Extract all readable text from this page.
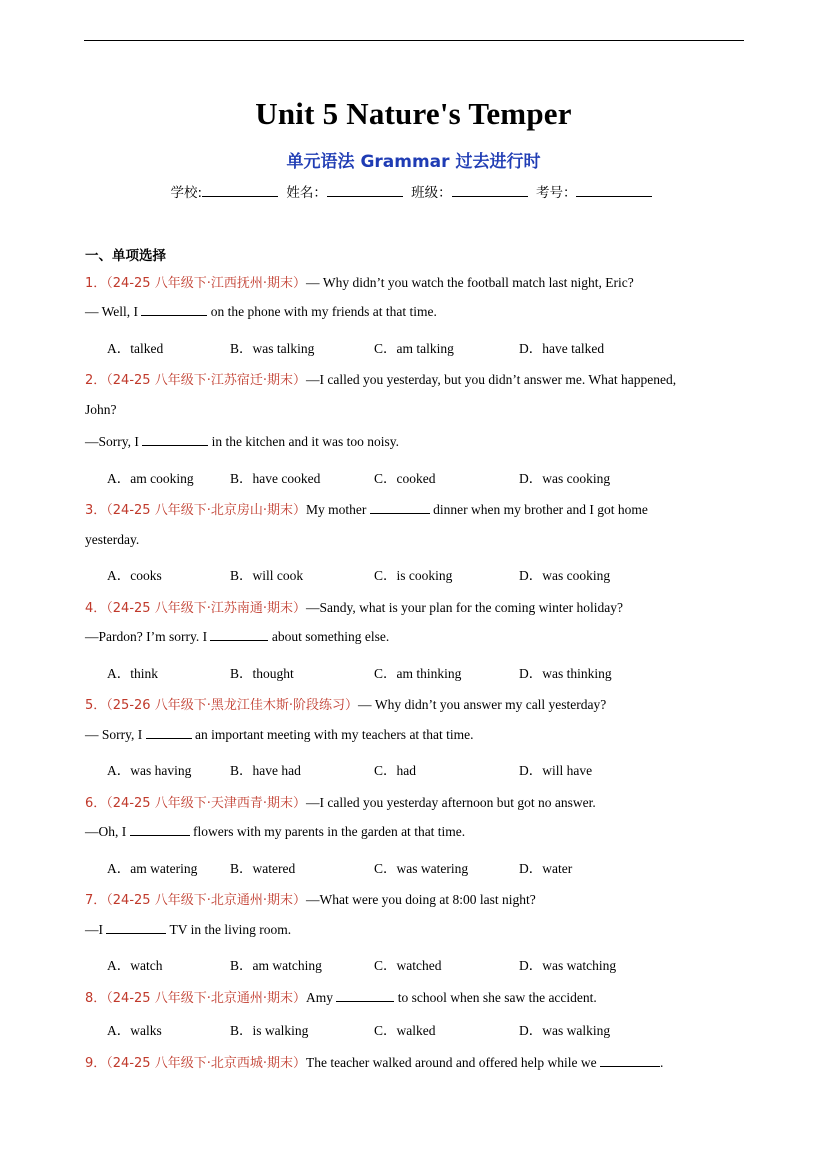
Unit 5 Nature's Temper
单元语法 Grammar 过去进行时
学校:	姓名：	班级：	考号：
一、单项选择
1．（24-25 八年级下·江西抚州·期末）— Why didn’t you watch the football match last night, Eric?
— Well, I	on the phone with my friends at that time.
A．talked	B．was talking	C．am talking	D．have talked
2．（24-25 八年级下·江苏宿迁·期末）—I called you yesterday, but you didn’t answer me. What happened,
John?
—Sorry, I	in the kitchen and it was too noisy.
A．am cooking	B．have cooked	C．cooked	D．was cooking
3．（24-25 八年级下·北京房山·期末）My mother	dinner when my brother and I got home
yesterday.
A．cooks	B．will cook	C．is cooking	D．was cooking
4．（24-25 八年级下·江苏南通·期末）—Sandy, what is your plan for the coming winter holiday?
—Pardon? I’m sorry. I	about something else.
A．think	B．thought	C．am thinking	D．was thinking
5．（25-26 八年级下·黑龙江佳木斯·阶段练习）— Why didn’t you answer my call yesterday?
— Sorry, I	an important meeting with my teachers at that time.
A．was having	B．have had	C．had	D．will have
6．（24-25 八年级下·天津西青·期末）—I called you yesterday afternoon but got no answer.
—Oh, I	flowers with my parents in the garden at that time.
A．am watering B．watered	C．was watering	D．water
7．（24-25 八年级下·北京通州·期末）—What were you doing at 8:00 last night?
—I	TV in the living room.
A．watch	B．am watching	C．watched	D．was watching
8．（24-25 八年级下·北京通州·期末）Amy	to school when she saw the accident.
A．walks	B．is walking	C．walked	D．was walking
9．（24-25 八年级下·北京西城·期末）The teacher walked around and offered help while we	.
